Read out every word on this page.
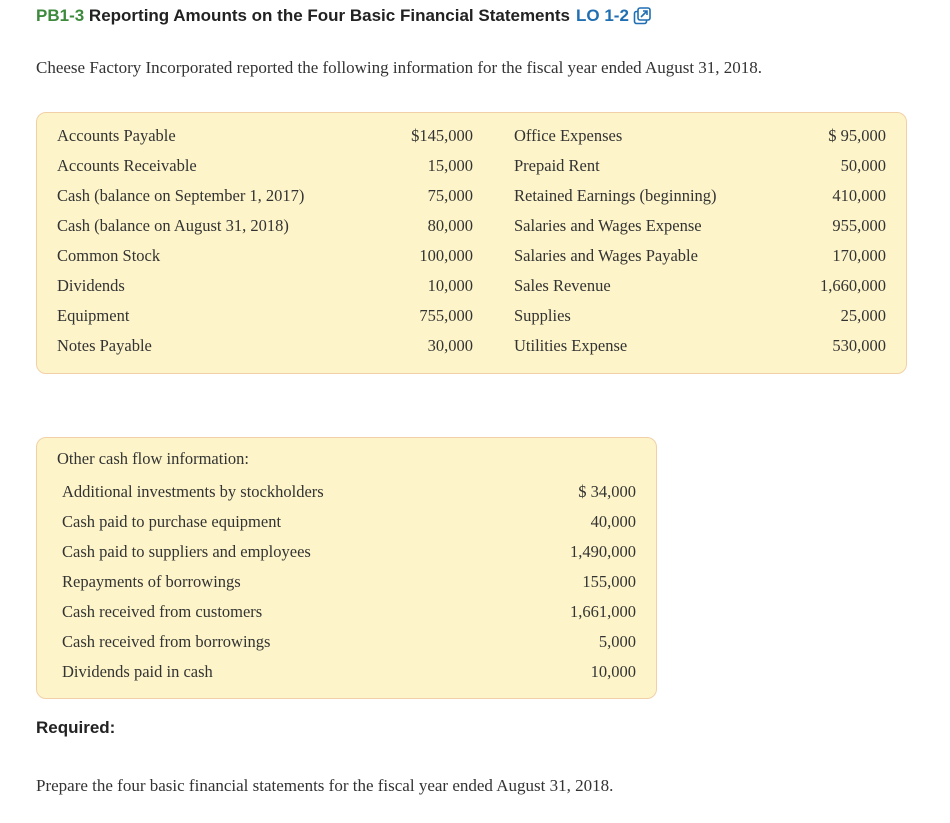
PB1-3
Reporting Amounts on the Four Basic Financial Statements LO 1-2
Cheese Factory Incorporated reported the following information for the fiscal year ended August 31, 2018.
Accounts Payable	$145,000 Office Expenses	$ 95,000
Accounts Receivable	15,000 Prepaid Rent	50,000
Cash (balance on September 1, 2017)	75,000 Retained Earnings (beginning)	410,000
Cash (balance on August 31, 2018)	80,000 Salaries and Wages Expense	955,000
Common Stock	100,000 Salaries and Wages Payable	170,000
Dividends	10,000 Sales Revenue	1,660,000
Equipment	755,000 Supplies	25,000
Notes Payable	30,000 Utilities Expense	530,000
Other cash flow information:
Additional investments by stockholders	$ 34,000
Cash paid to purchase equipment	40,000
Cash paid to suppliers and employees	1,490,000
Repayments of borrowings	155,000
Cash received from customers	1,661,000
Cash received from borrowings	5,000
Dividends paid in cash	10,000
Required:
Prepare the four basic financial statements for the fiscal year ended August 31, 2018.
